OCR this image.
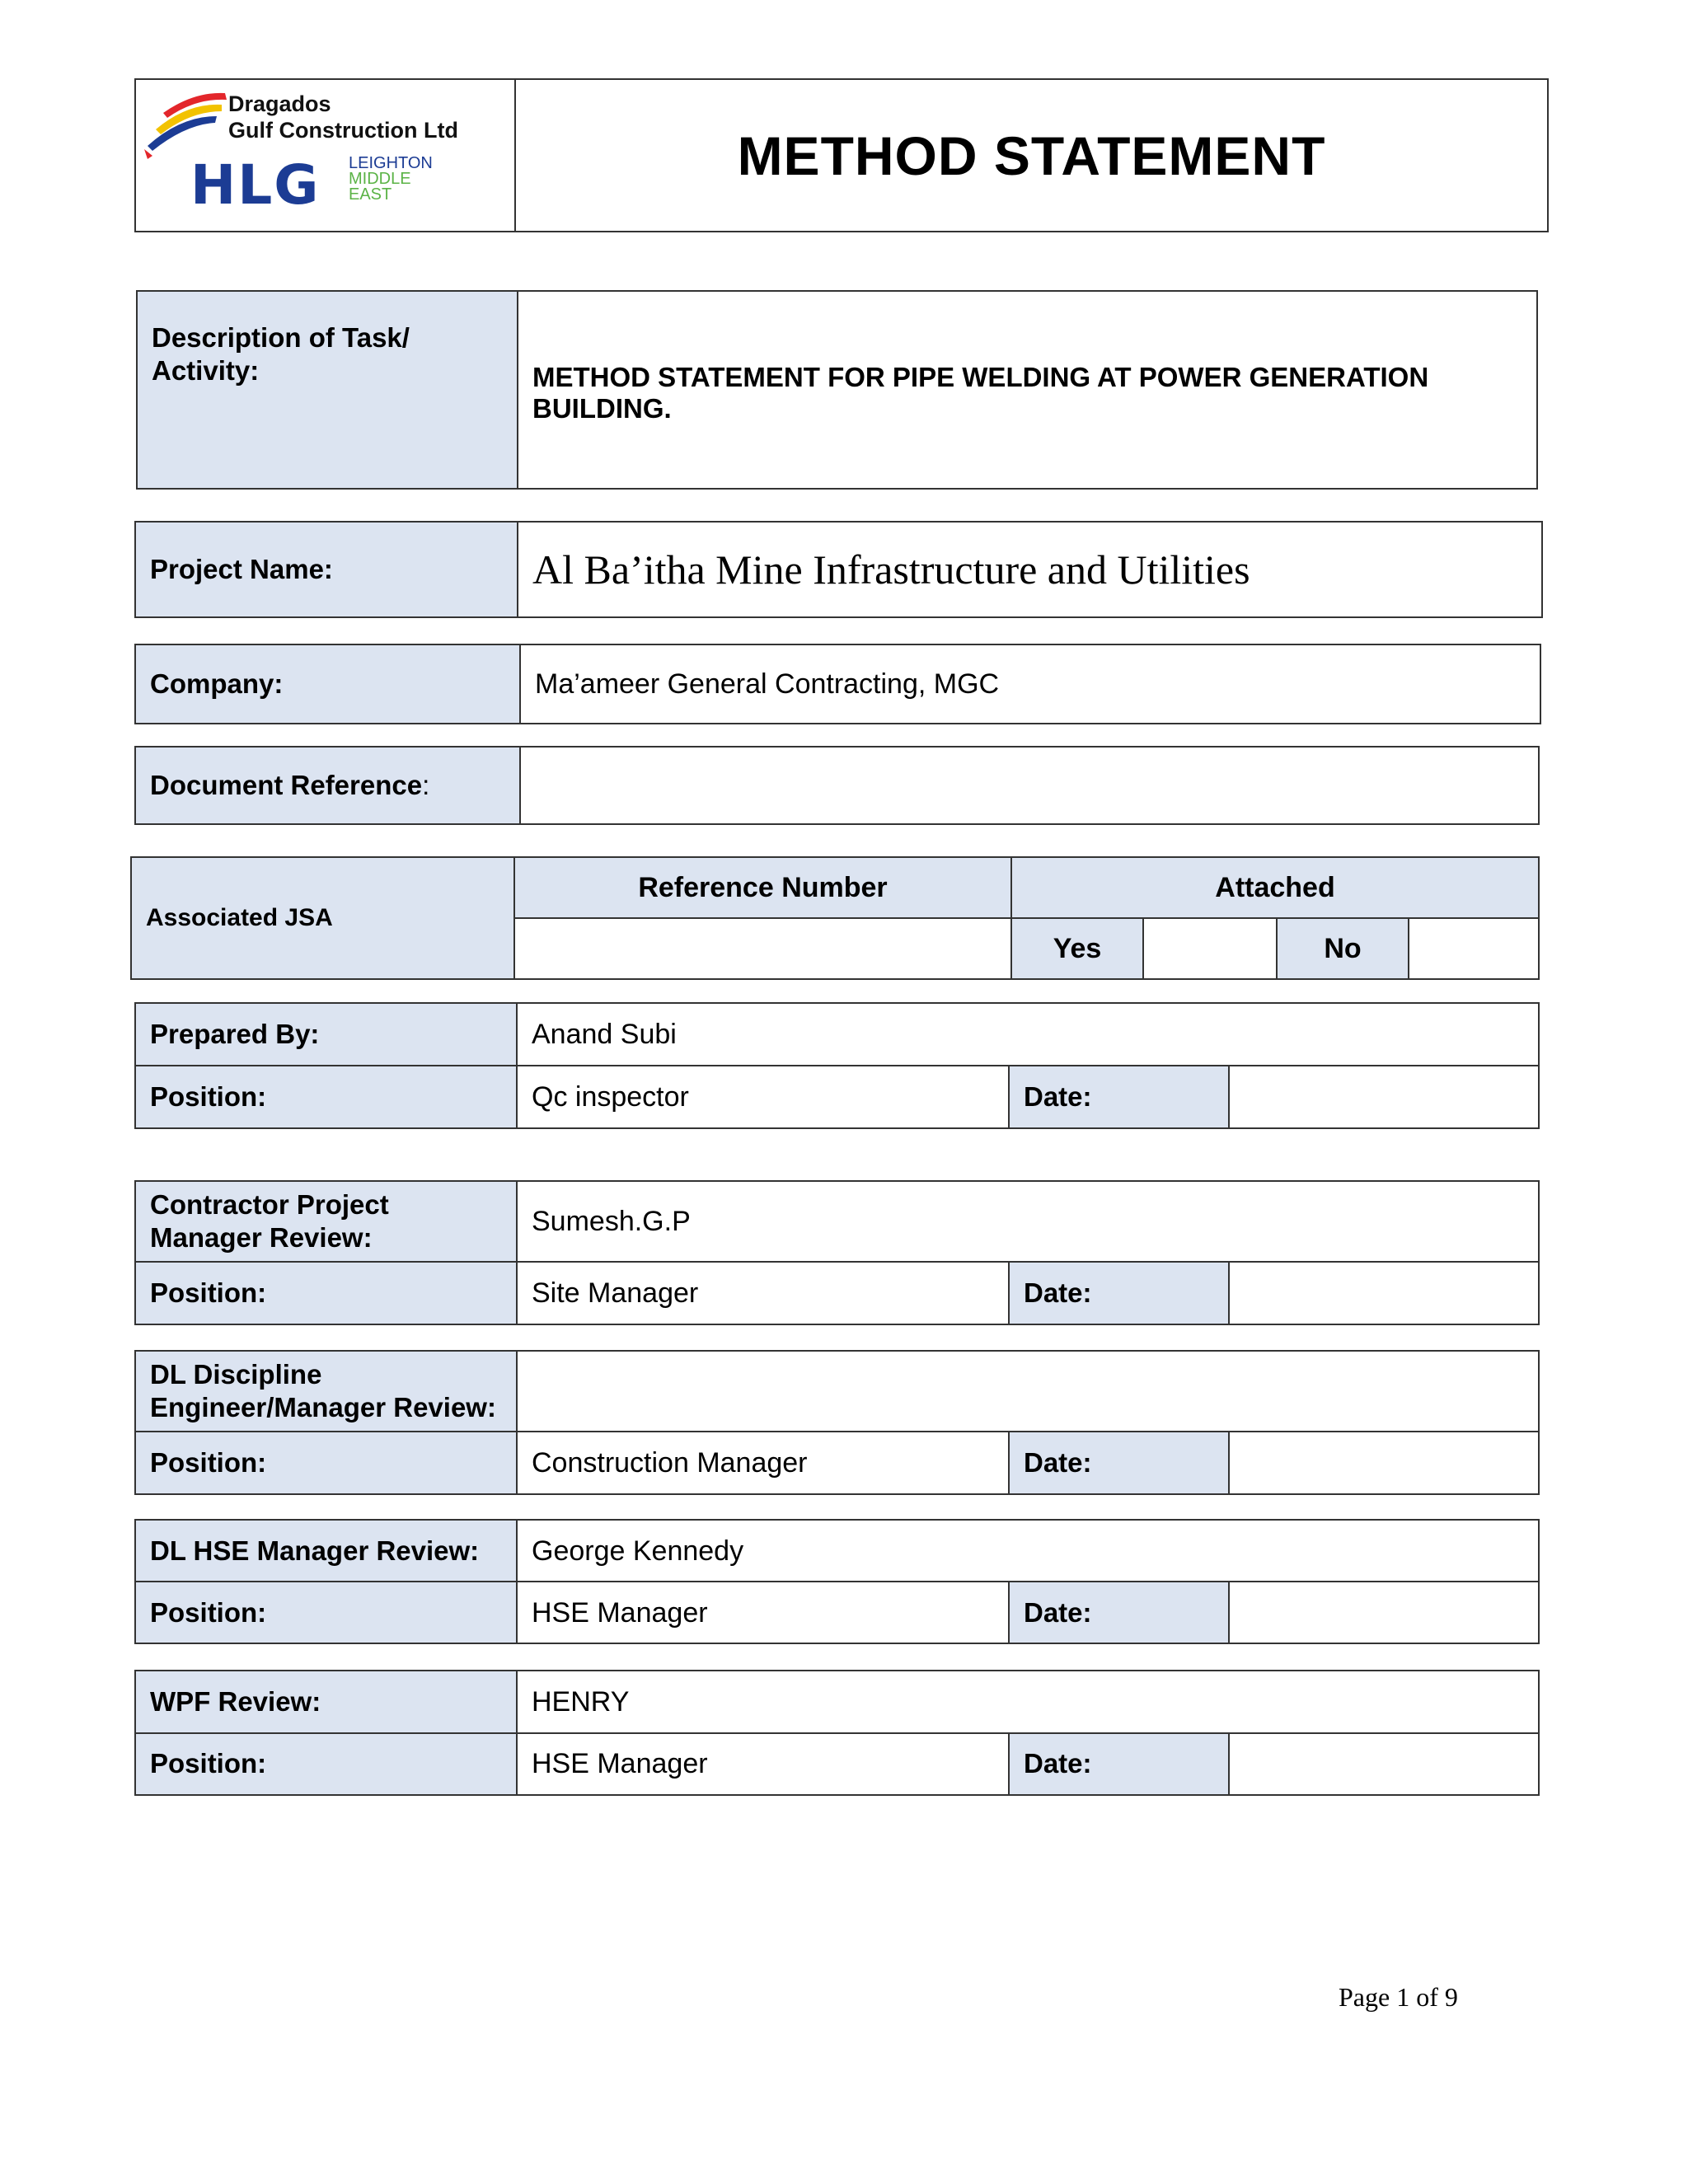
Dragados
Gulf Construction Ltd
HLG LEIGHTON
MIDDLE
EAST
	METHOD STATEMENT
Description of Task/ Activity:	METHOD STATEMENT FOR PIPE WELDING AT POWER GENERATION BUILDING.
Project Name:	Al Ba’itha Mine Infrastructure and Utilities
Company:	Ma’ameer General Contracting, MGC
Document Reference:	
Associated JSA	Reference Number	Attached			
		Yes		No	
Prepared By:	Anand Subi		
Position:	Qc inspector	Date:	
Contractor Project Manager Review:	Sumesh.G.P		
Position:	Site Manager	Date:	
DL Discipline Engineer/Manager Review:			
Position:	Construction Manager	Date:	
DL HSE Manager Review:	George Kennedy		
Position:	HSE Manager	Date:	
WPF Review:	HENRY		
Position:	HSE Manager	Date:	
Page 1 of 9
